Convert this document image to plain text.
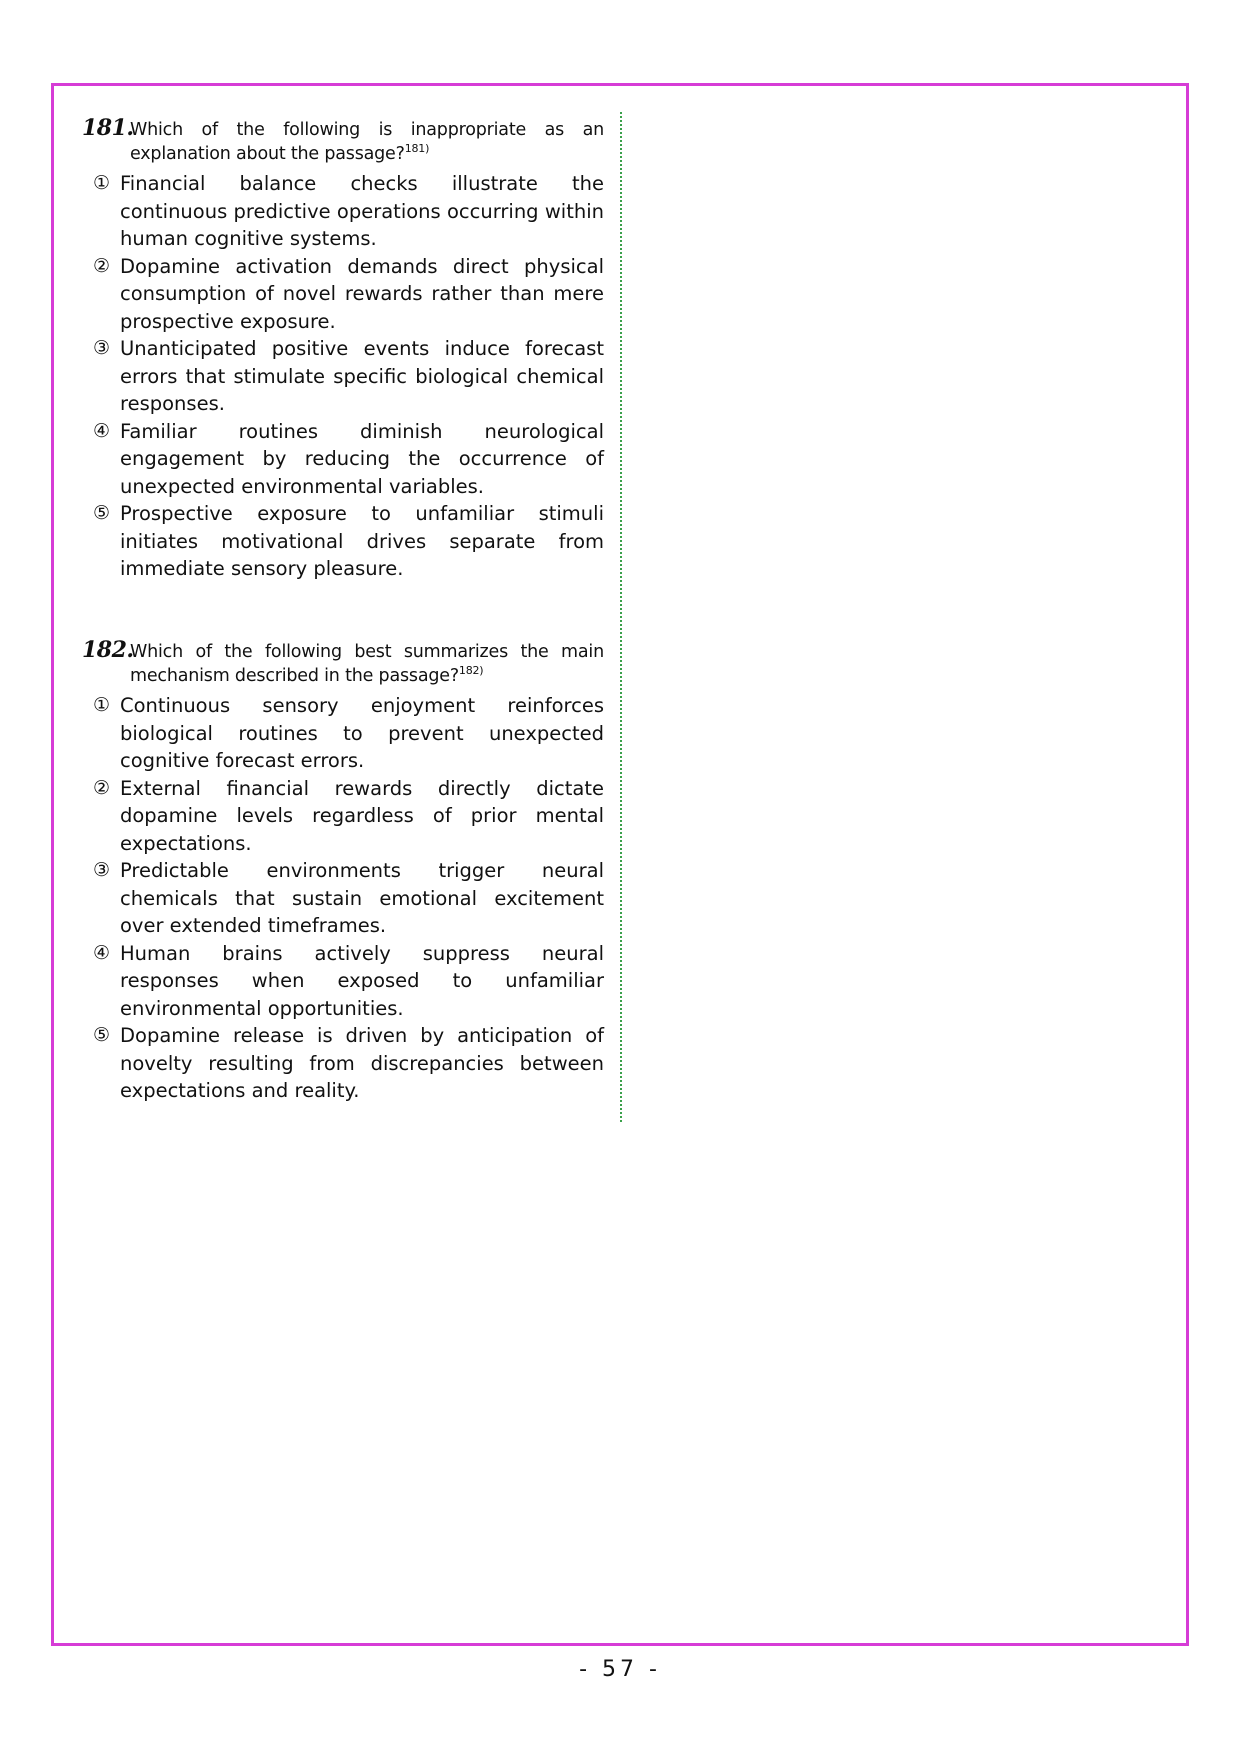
181.
Which of the following is inappropriate as an
explanation about the passage?$^{181)}$
① Financial balance checks illustrate the continuous predictive operations occurring within human cognitive systems.
② Dopamine activation demands direct physical consumption of novel rewards rather than mere prospective exposure.
③ Unanticipated positive events induce forecast errors that stimulate specific biological chemical responses.
④ Familiar routines diminish neurological engagement by reducing the occurrence of unexpected environmental variables.
⑤ Prospective exposure to unfamiliar stimuli initiates motivational drives separate from immediate sensory pleasure.
182.
Which of the following best summarizes the main
mechanism described in the passage?$^{182)}$
① Continuous sensory enjoyment reinforces biological routines to prevent unexpected cognitive forecast errors.
② External financial rewards directly dictate dopamine levels regardless of prior mental expectations.
③ Predictable environments trigger neural chemicals that sustain emotional excitement over extended timeframes.
④ Human brains actively suppress neural responses when exposed to unfamiliar environmental opportunities.
⑤ Dopamine release is driven by anticipation of novelty resulting from discrepancies between expectations and reality.
- 57 -
